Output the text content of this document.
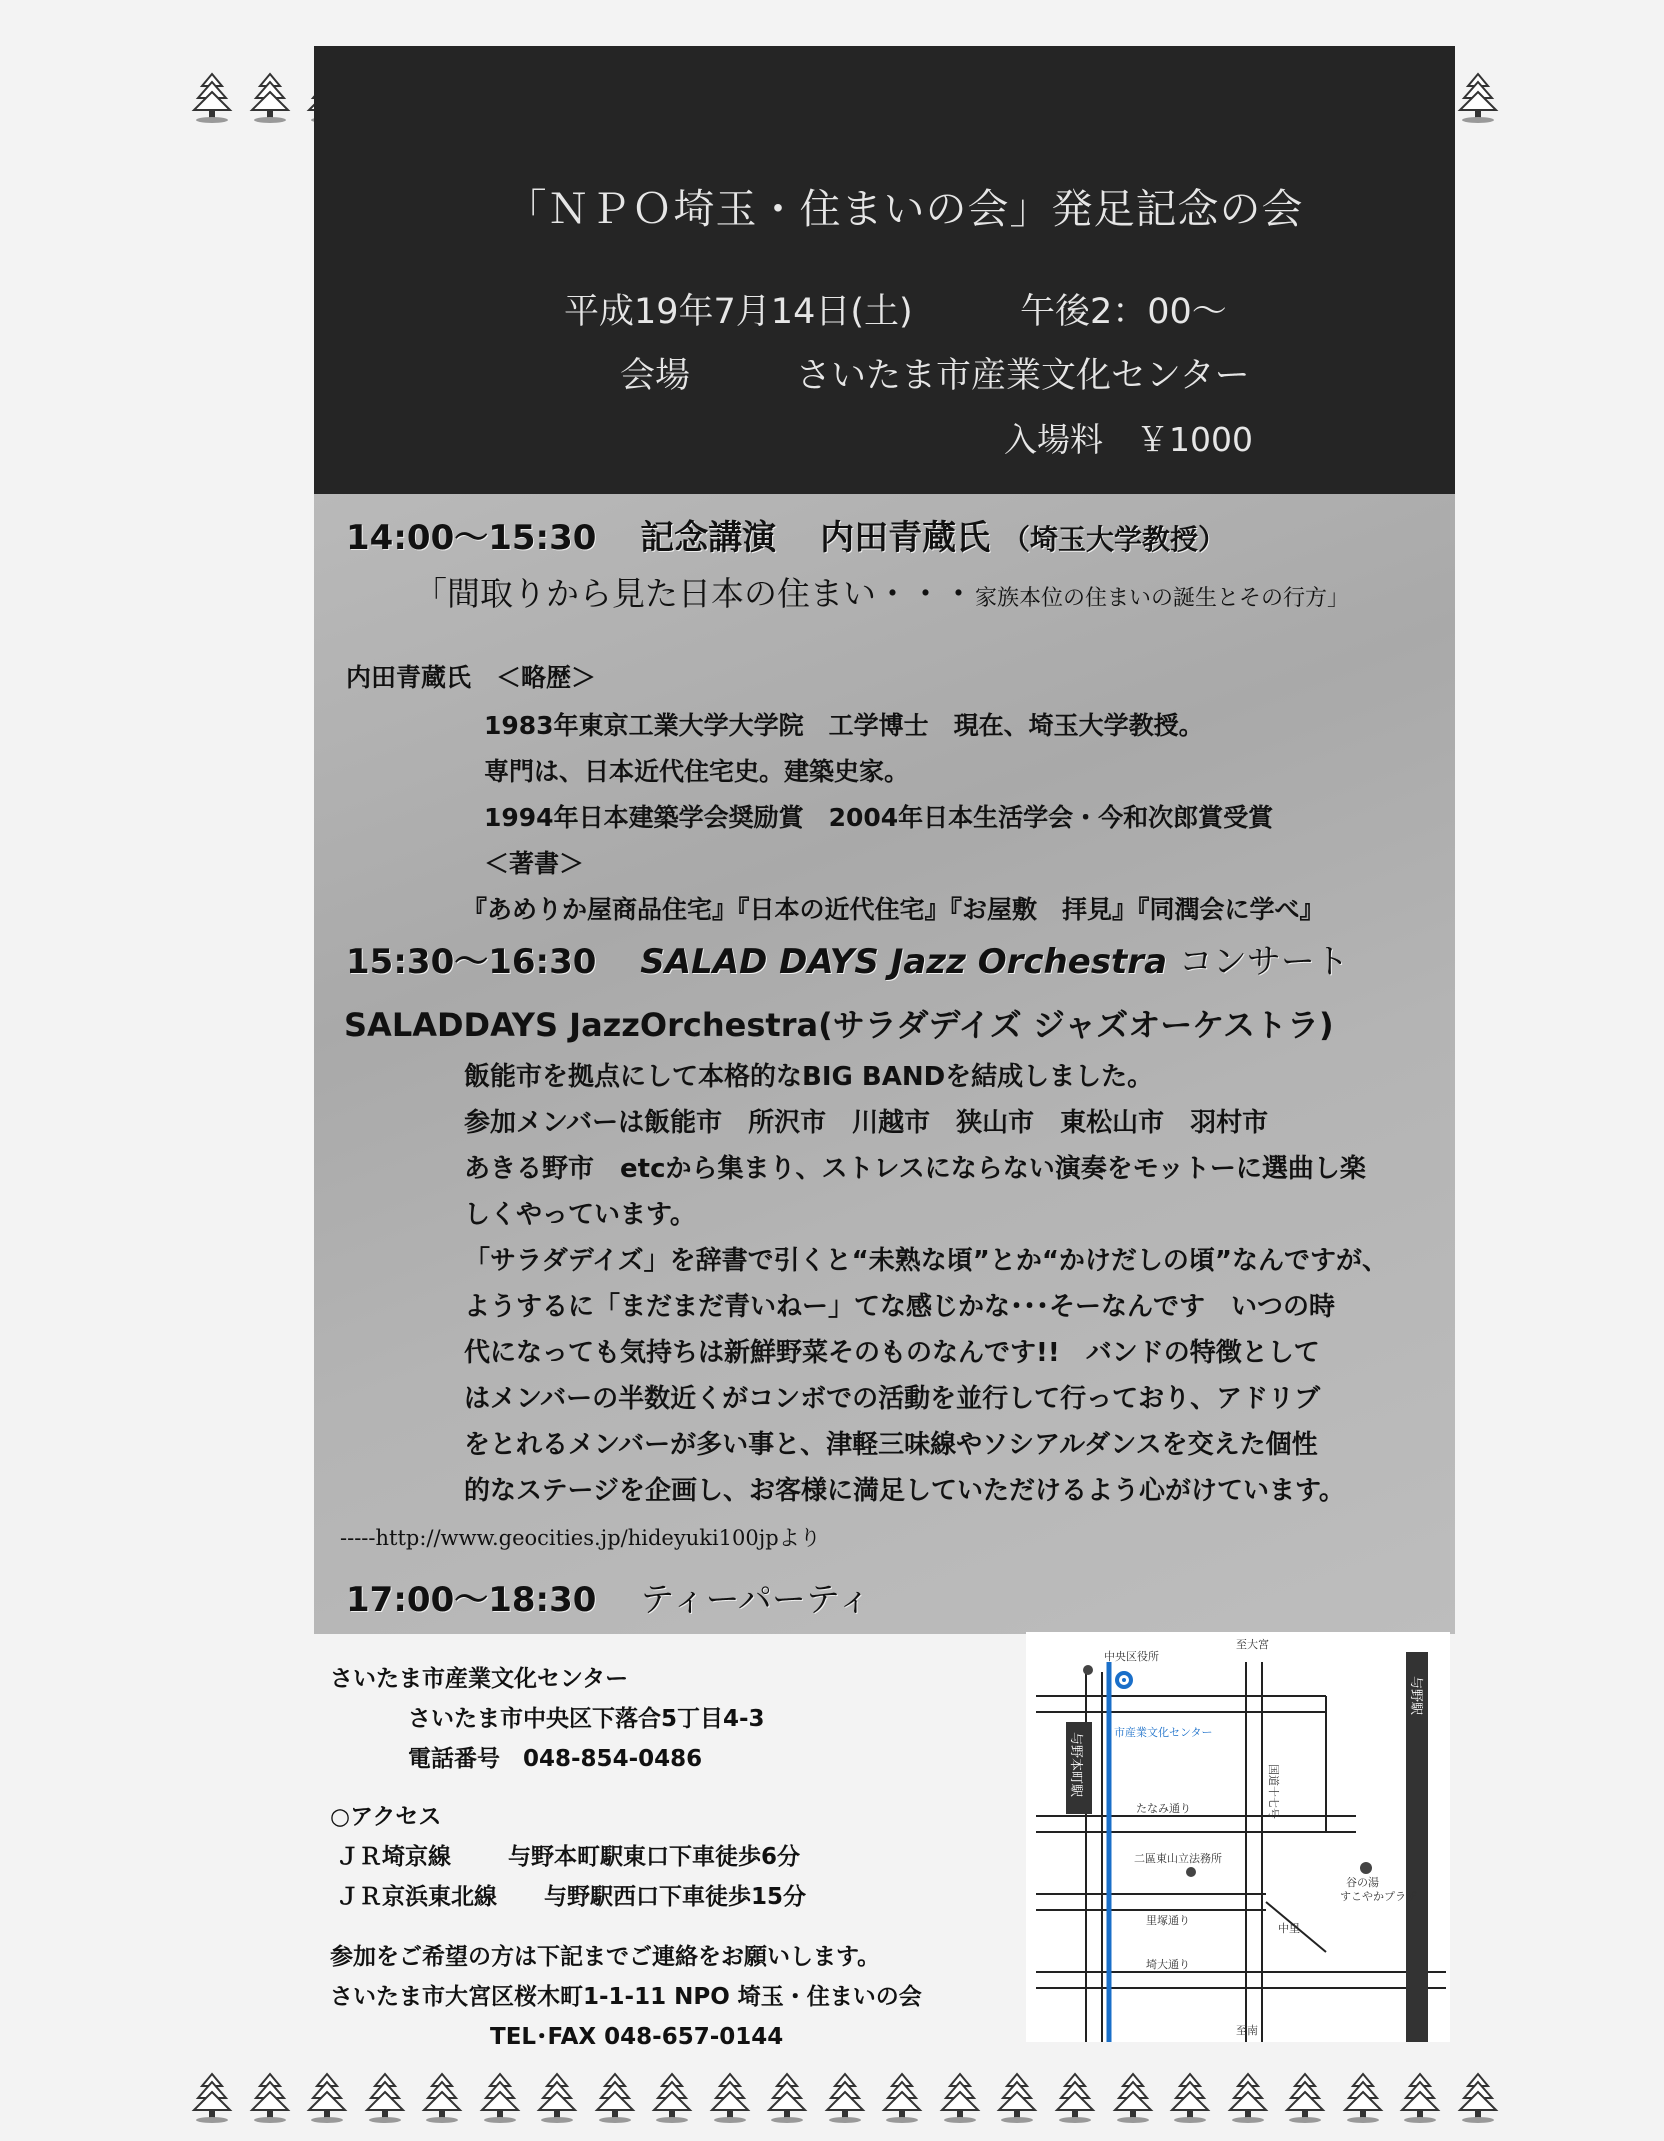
「ＮＰＯ埼玉・住まいの会」発足記念の会
平成19年7月14日(土)	午後2：00～
会場	さいたま市産業文化センター
入場料　￥1000
14:00～15:30 記念講演 内田青蔵氏 （埼玉大学教授）
「間取りから見た日本の住まい・・・家族本位の住まいの誕生とその行方」
内田青蔵氏　＜略歴＞
1983年東京工業大学大学院　工学博士　現在、埼玉大学教授。
専門は、日本近代住宅史。建築史家。
1994年日本建築学会奨励賞　2004年日本生活学会・今和次郎賞受賞
＜著書＞
『あめりか屋商品住宅』『日本の近代住宅』『お屋敷　拝見』『同潤会に学べ』
15:30～16:30 SALAD DAYS Jazz Orchestra コンサート
SALADDAYS JazzOrchestra(サラダデイズ ジャズオーケストラ)
飯能市を拠点にして本格的なBIG BANDを結成しました。
参加メンバーは飯能市　所沢市　川越市　狭山市　東松山市　羽村市
あきる野市　etcから集まり、ストレスにならない演奏をモットーに選曲し楽
しくやっています。
「サラダデイズ」を辞書で引くと“未熟な頃”とか“かけだしの頃”なんですが、
ようするに「まだまだ青いねー」てな感じかな･･･そーなんです　いつの時
代になっても気持ちは新鮮野菜そのものなんです!!　バンドの特徴として
はメンバーの半数近くがコンボでの活動を並行して行っており、アドリブ
をとれるメンバーが多い事と、津軽三味線やソシアルダンスを交えた個性
的なステージを企画し、お客様に満足していただけるよう心がけています。
-----http://www.geocities.jp/hideyuki100jpより
17:00～18:30 ティーパーティ
さいたま市産業文化センター
さいたま市中央区下落合5丁目4-3
電話番号　048-854-0486
○アクセス
ＪＲ埼京線 与野本町駅東口下車徒歩6分
ＪＲ京浜東北線 与野駅西口下車徒歩15分
参加をご希望の方は下記までご連絡をお願いします。
さいたま市大宮区桜木町1-1-11 NPO 埼玉・住まいの会
TEL･FAX 048-657-0144
中央区役所
市産業文化センター
至大宮
たなみ通り
二區東山立法務所
谷の湯
すこやかプラザ
里塚通り
中里
埼大通り
至南
国道十七号
与野駅
与野本町駅
